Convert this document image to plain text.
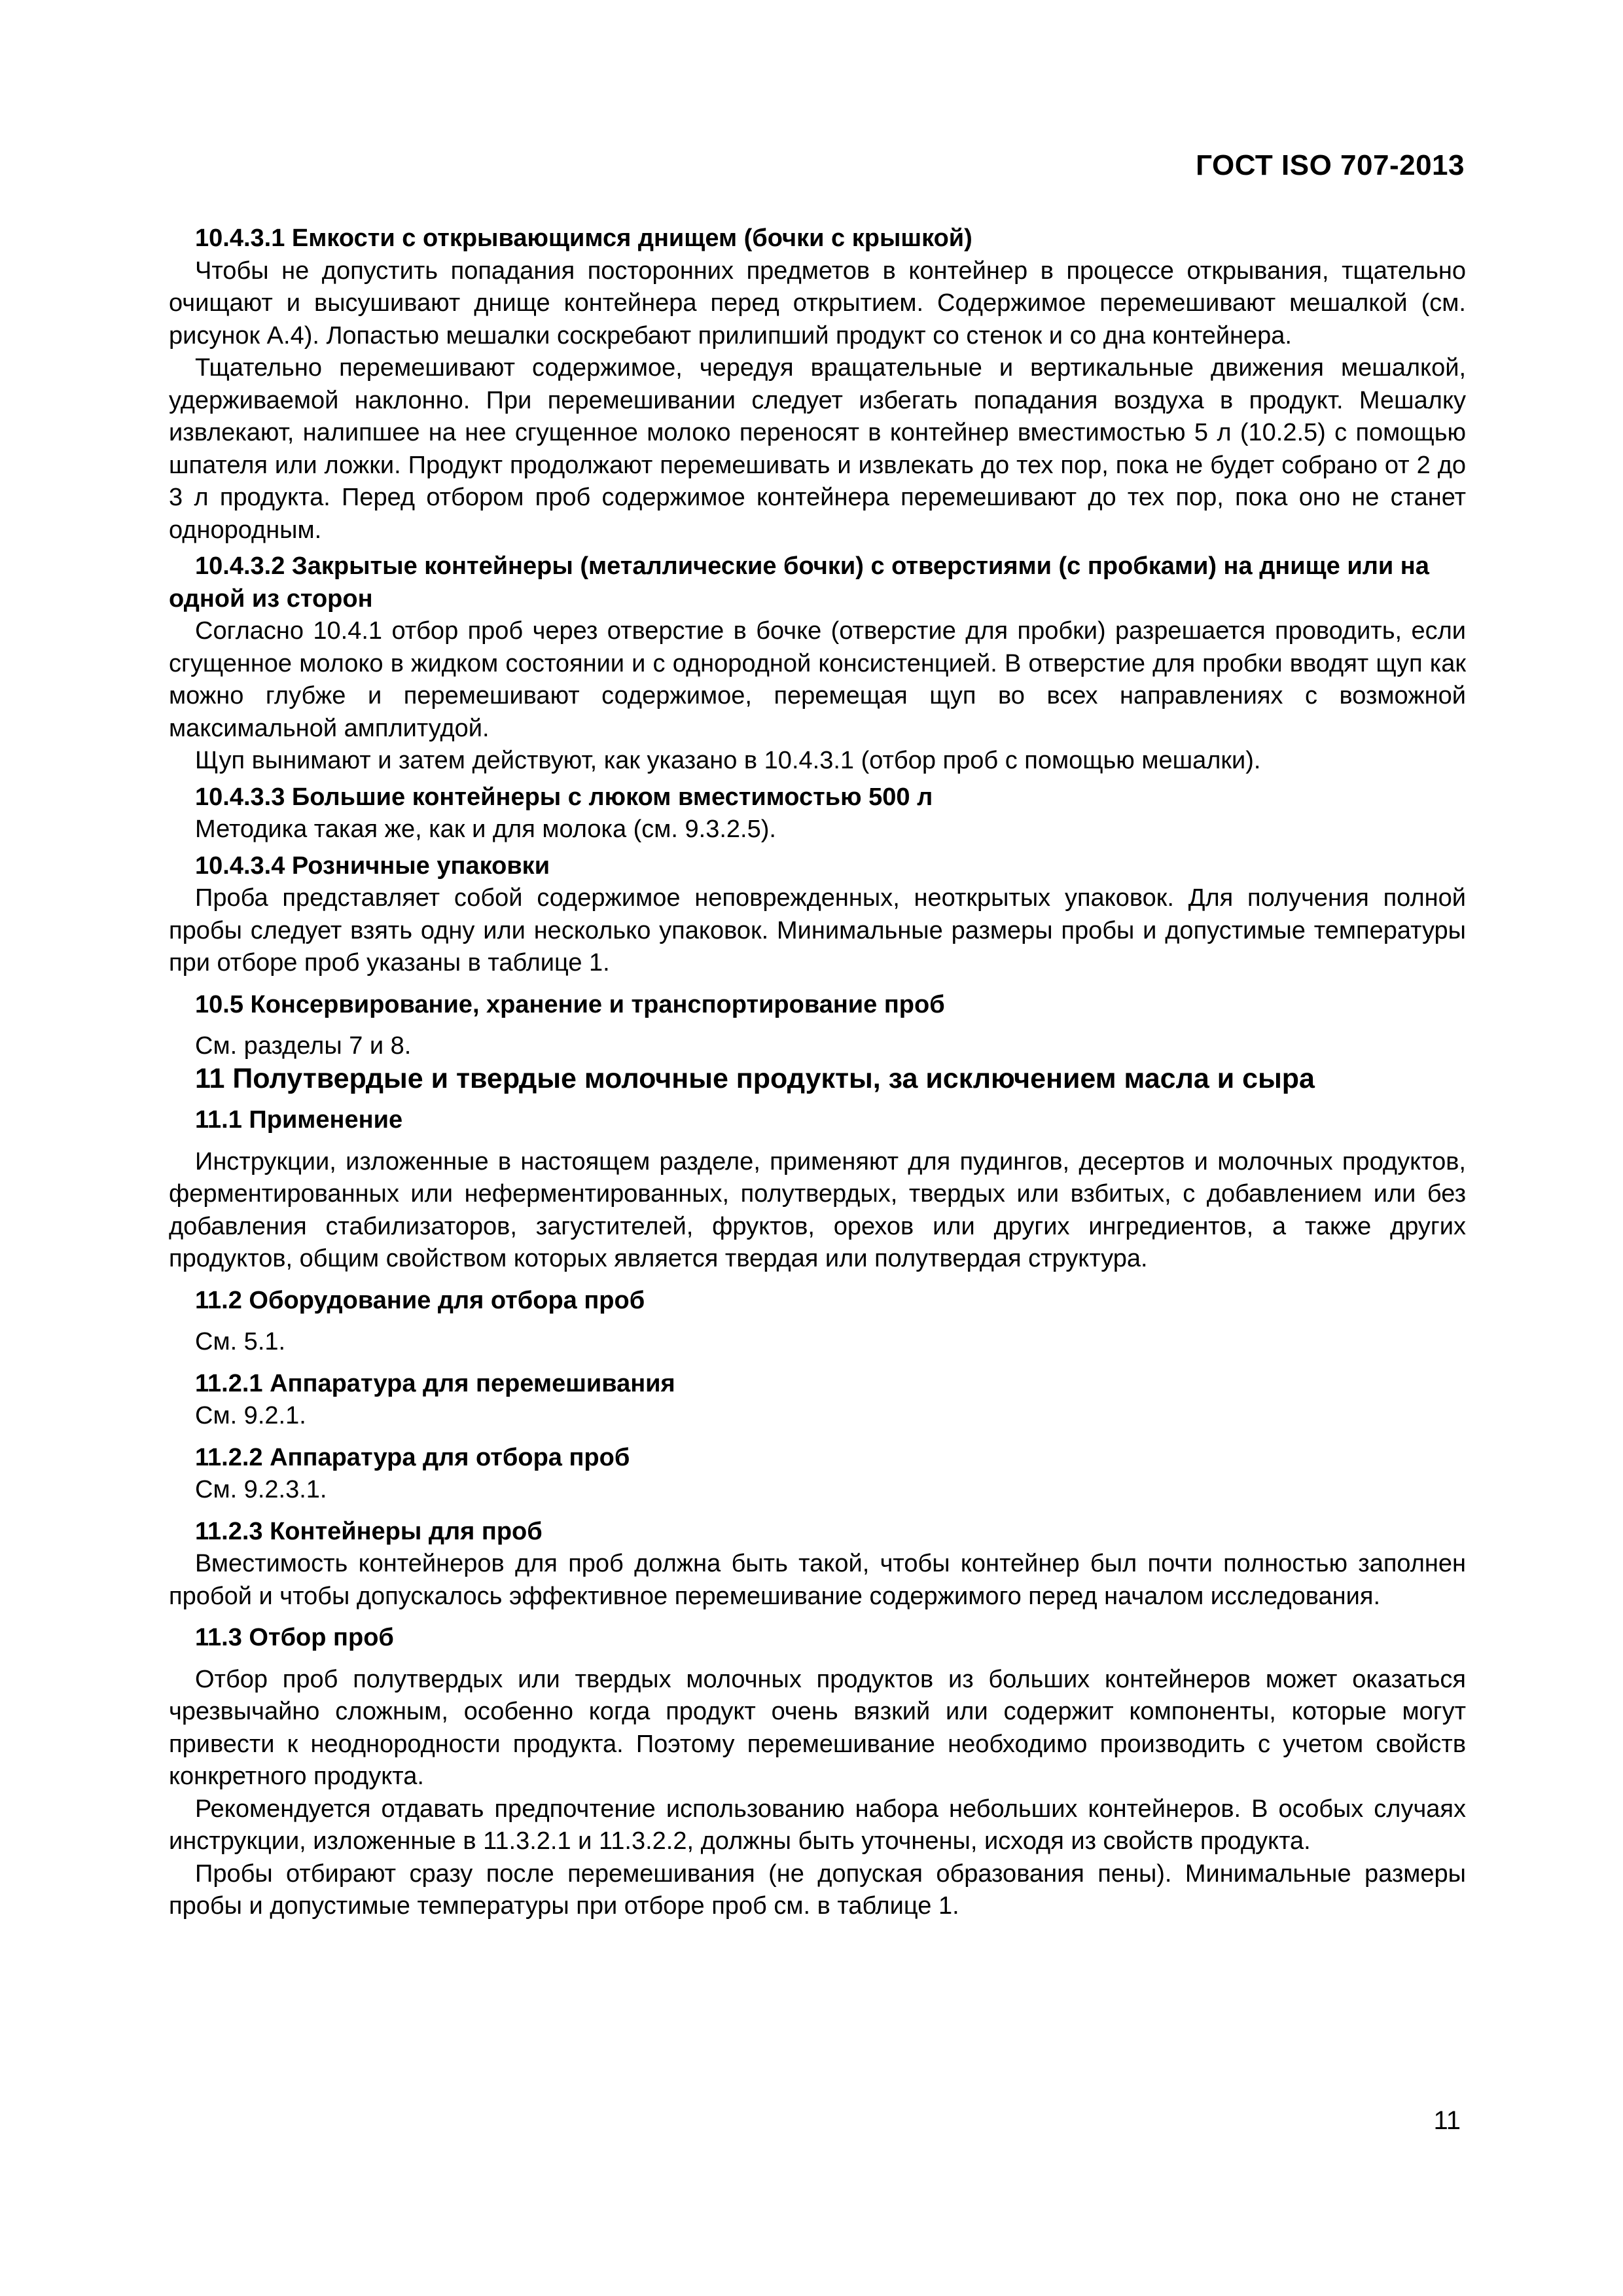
ГОСТ ISO 707-2013
10.4.3.1 Емкости с открывающимся днищем (бочки с крышкой)
Чтобы не допустить попадания посторонних предметов в контейнер в процессе открывания, тщательно очищают и высушивают днище контейнера перед открытием. Содержимое перемешивают мешалкой (см. рисунок А.4). Лопастью мешалки соскребают прилипший продукт со стенок и со дна контейнера.
Тщательно перемешивают содержимое, чередуя вращательные и вертикальные движения мешалкой, удерживаемой наклонно. При перемешивании следует избегать попадания воздуха в продукт. Мешалку извлекают, налипшее на нее сгущенное молоко переносят в контейнер вместимостью 5 л (10.2.5) с помощью шпателя или ложки. Продукт продолжают перемешивать и извлекать до тех пор, пока не будет собрано от 2 до 3 л продукта. Перед отбором проб содержимое контейнера перемешивают до тех пор, пока оно не станет однородным.
10.4.3.2 Закрытые контейнеры (металлические бочки) с отверстиями (с пробками) на днище или на одной из сторон
Согласно 10.4.1 отбор проб через отверстие в бочке (отверстие для пробки) разрешается проводить, если сгущенное молоко в жидком состоянии и с однородной консистенцией. В отверстие для пробки вводят щуп как можно глубже и перемешивают содержимое, перемещая щуп во всех направлениях с возможной максимальной амплитудой.
Щуп вынимают и затем действуют, как указано в 10.4.3.1 (отбор проб с помощью мешалки).
10.4.3.3 Большие контейнеры с люком вместимостью 500 л
Методика такая же, как и для молока (см. 9.3.2.5).
10.4.3.4 Розничные упаковки
Проба представляет собой содержимое неповрежденных, неоткрытых упаковок. Для получения полной пробы следует взять одну или несколько упаковок. Минимальные размеры пробы и допустимые температуры при отборе проб указаны в таблице 1.
10.5 Консервирование, хранение и транспортирование проб
См. разделы 7 и 8.
11 Полутвердые и твердые молочные продукты, за исключением масла и сыра
11.1 Применение
Инструкции, изложенные в настоящем разделе, применяют для пудингов, десертов и молочных продуктов, ферментированных или неферментированных, полутвердых, твердых или взбитых, с добавлением или без добавления стабилизаторов, загустителей, фруктов, орехов или других ингредиентов, а также других продуктов, общим свойством которых является твердая или полутвердая структура.
11.2 Оборудование для отбора проб
См. 5.1.
11.2.1 Аппаратура для перемешивания
См. 9.2.1.
11.2.2 Аппаратура для отбора проб
См. 9.2.3.1.
11.2.3 Контейнеры для проб
Вместимость контейнеров для проб должна быть такой, чтобы контейнер был почти полностью заполнен пробой и чтобы допускалось эффективное перемешивание содержимого перед началом исследования.
11.3 Отбор проб
Отбор проб полутвердых или твердых молочных продуктов из больших контейнеров может оказаться чрезвычайно сложным, особенно когда продукт очень вязкий или содержит компоненты, которые могут привести к неоднородности продукта. Поэтому перемешивание необходимо производить с учетом свойств конкретного продукта.
Рекомендуется отдавать предпочтение использованию набора небольших контейнеров. В особых случаях инструкции, изложенные в 11.3.2.1 и 11.3.2.2, должны быть уточнены, исходя из свойств продукта.
Пробы отбирают сразу после перемешивания (не допуская образования пены). Минимальные размеры пробы и допустимые температуры при отборе проб см. в таблице 1.
11
